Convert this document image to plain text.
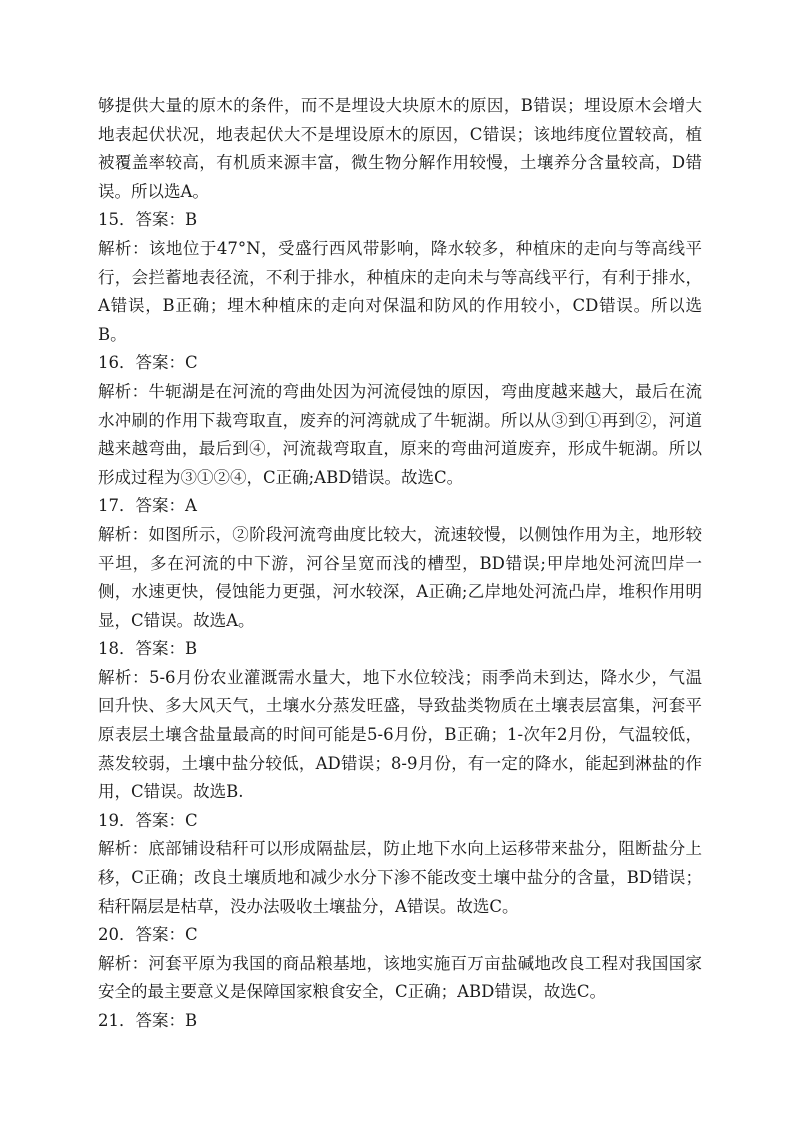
够提供大量的原木的条件，而不是埋设大块原木的原因，B错误；埋设原木会增大地表起伏状况，地表起伏大不是埋设原木的原因，C错误；该地纬度位置较高，植被覆盖率较高，有机质来源丰富，微生物分解作用较慢，土壤养分含量较高，D错误。所以选A。

15．答案：B

解析：该地位于47°N，受盛行西风带影响，降水较多，种植床的走向与等高线平行，会拦蓄地表径流，不利于排水，种植床的走向未与等高线平行，有利于排水，A错误，B正确；埋木种植床的走向对保温和防风的作用较小，CD错误。所以选B。

16．答案：C

解析：牛轭湖是在河流的弯曲处因为河流侵蚀的原因，弯曲度越来越大，最后在流水冲刷的作用下裁弯取直，废弃的河湾就成了牛轭湖。所以从③到①再到②，河道越来越弯曲，最后到④，河流裁弯取直，原来的弯曲河道废弃，形成牛轭湖。所以形成过程为③①②④，C正确;ABD错误。故选C。

17．答案：A

解析：如图所示，②阶段河流弯曲度比较大，流速较慢，以侧蚀作用为主，地形较平坦，多在河流的中下游，河谷呈宽而浅的槽型，BD错误;甲岸地处河流凹岸一侧，水速更快，侵蚀能力更强，河水较深，A正确;乙岸地处河流凸岸，堆积作用明显，C错误。故选A。

18．答案：B

解析：5-6月份农业灌溉需水量大，地下水位较浅；雨季尚未到达，降水少，气温回升快、多大风天气，土壤水分蒸发旺盛，导致盐类物质在土壤表层富集，河套平原表层土壤含盐量最高的时间可能是5-6月份，B正确；1-次年2月份，气温较低，蒸发较弱，土壤中盐分较低，AD错误；8-9月份，有一定的降水，能起到淋盐的作用，C错误。故选B.

19．答案：C

解析：底部铺设秸秆可以形成隔盐层，防止地下水向上运移带来盐分，阻断盐分上移，C正确；改良土壤质地和减少水分下渗不能改变土壤中盐分的含量，BD错误；秸秆隔层是枯草，没办法吸收土壤盐分，A错误。故选C。

20．答案：C

解析：河套平原为我国的商品粮基地，该地实施百万亩盐碱地改良工程对我国国家安全的最主要意义是保障国家粮食安全，C正确；ABD错误，故选C。

21．答案：B
